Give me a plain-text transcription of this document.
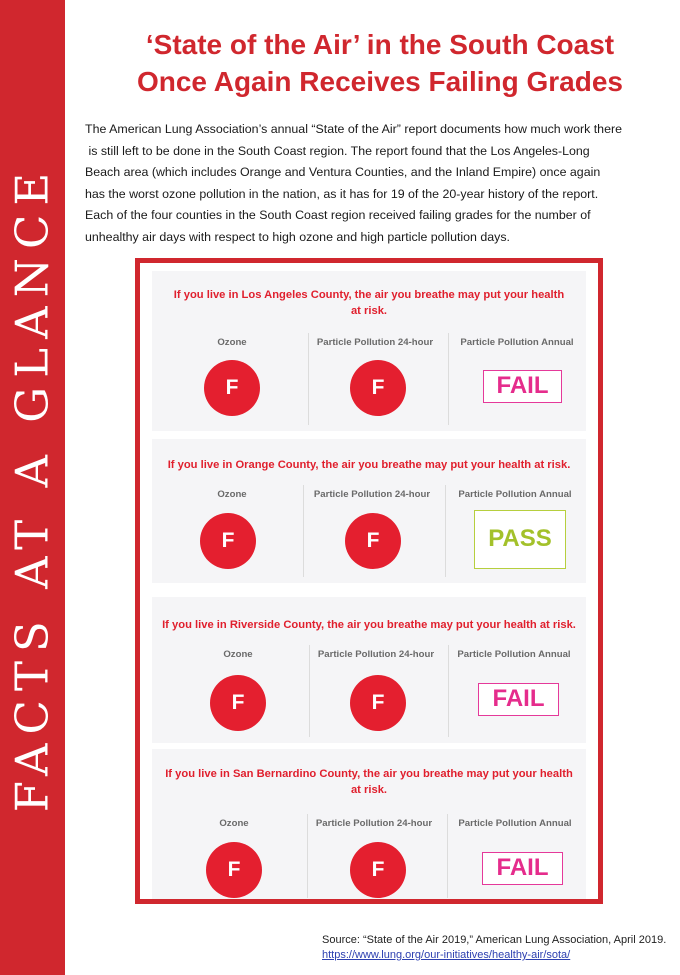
FACTS AT A GLANCE
‘State of the Air’ in the South Coast
Once Again Receives Failing Grades

The American Lung Association’s annual “State of the Air” report documents how much work there
is still left to be done in the South Coast region. The report found that the Los Angeles-Long
Beach area (which includes Orange and Ventura Counties, and the Inland Empire) once again
has the worst ozone pollution in the nation, as it has for 19 of the 20-year history of the report.
Each of the four counties in the South Coast region received failing grades for the number of
unhealthy air days with respect to high ozone and high particle pollution days.

If you live in Los Angeles County, the air you breathe may put your health
at risk.
Ozone	Particle Pollution 24-hour	Particle Pollution Annual
F	F	FAIL
If you live in Orange County, the air you breathe may put your health at risk.
Ozone	Particle Pollution 24-hour	Particle Pollution Annual
F	F	PASS
If you live in Riverside County, the air you breathe may put your health at risk.
Ozone	Particle Pollution 24-hour	Particle Pollution Annual
F	F	FAIL
If you live in San Bernardino County, the air you breathe may put your health
at risk.
Ozone	Particle Pollution 24-hour	Particle Pollution Annual
F	F	FAIL
Source: “State of the Air 2019,” American Lung Association, April 2019.
https://www.lung.org/our-initiatives/healthy-air/sota/
